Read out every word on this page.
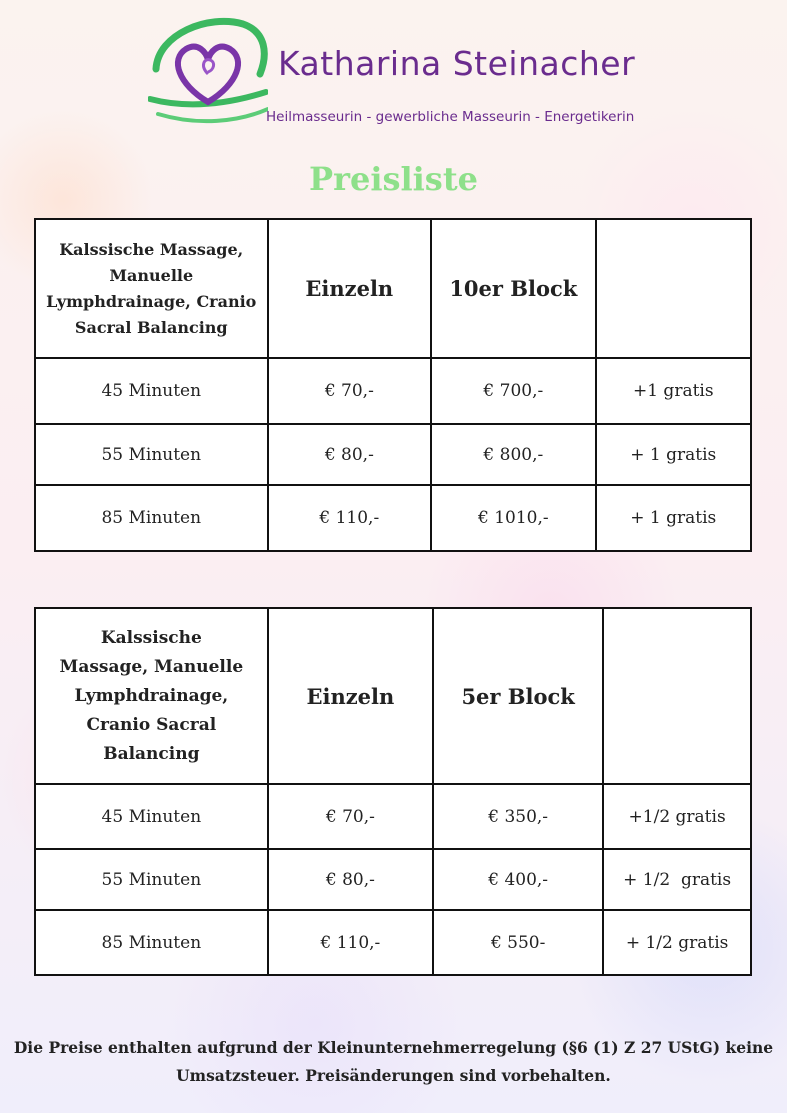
Katharina Steinacher
Heilmasseurin - gewerbliche Masseurin - Energetikerin
Preisliste
Kalssische Massage, Manuelle Lymphdrainage, Cranio Sacral Balancing	Einzeln	10er Block	
45 Minuten	€ 70,-	€ 700,-	+1 gratis
55 Minuten	€ 80,-	€ 800,-	+ 1 gratis
85 Minuten	€ 110,-	€ 1010,-	+ 1 gratis
Kalssische Massage, Manuelle Lymphdrainage, Cranio Sacral Balancing	Einzeln	5er Block	
45 Minuten	€ 70,-	€ 350,-	+1/2 gratis
55 Minuten	€ 80,-	€ 400,-	+ 1/2  gratis
85 Minuten	€ 110,-	€ 550-	+ 1/2 gratis
Die Preise enthalten aufgrund der Kleinunternehmerregelung (§6 (1) Z 27 UStG) keine
Umsatzsteuer. Preisänderungen sind vorbehalten.
